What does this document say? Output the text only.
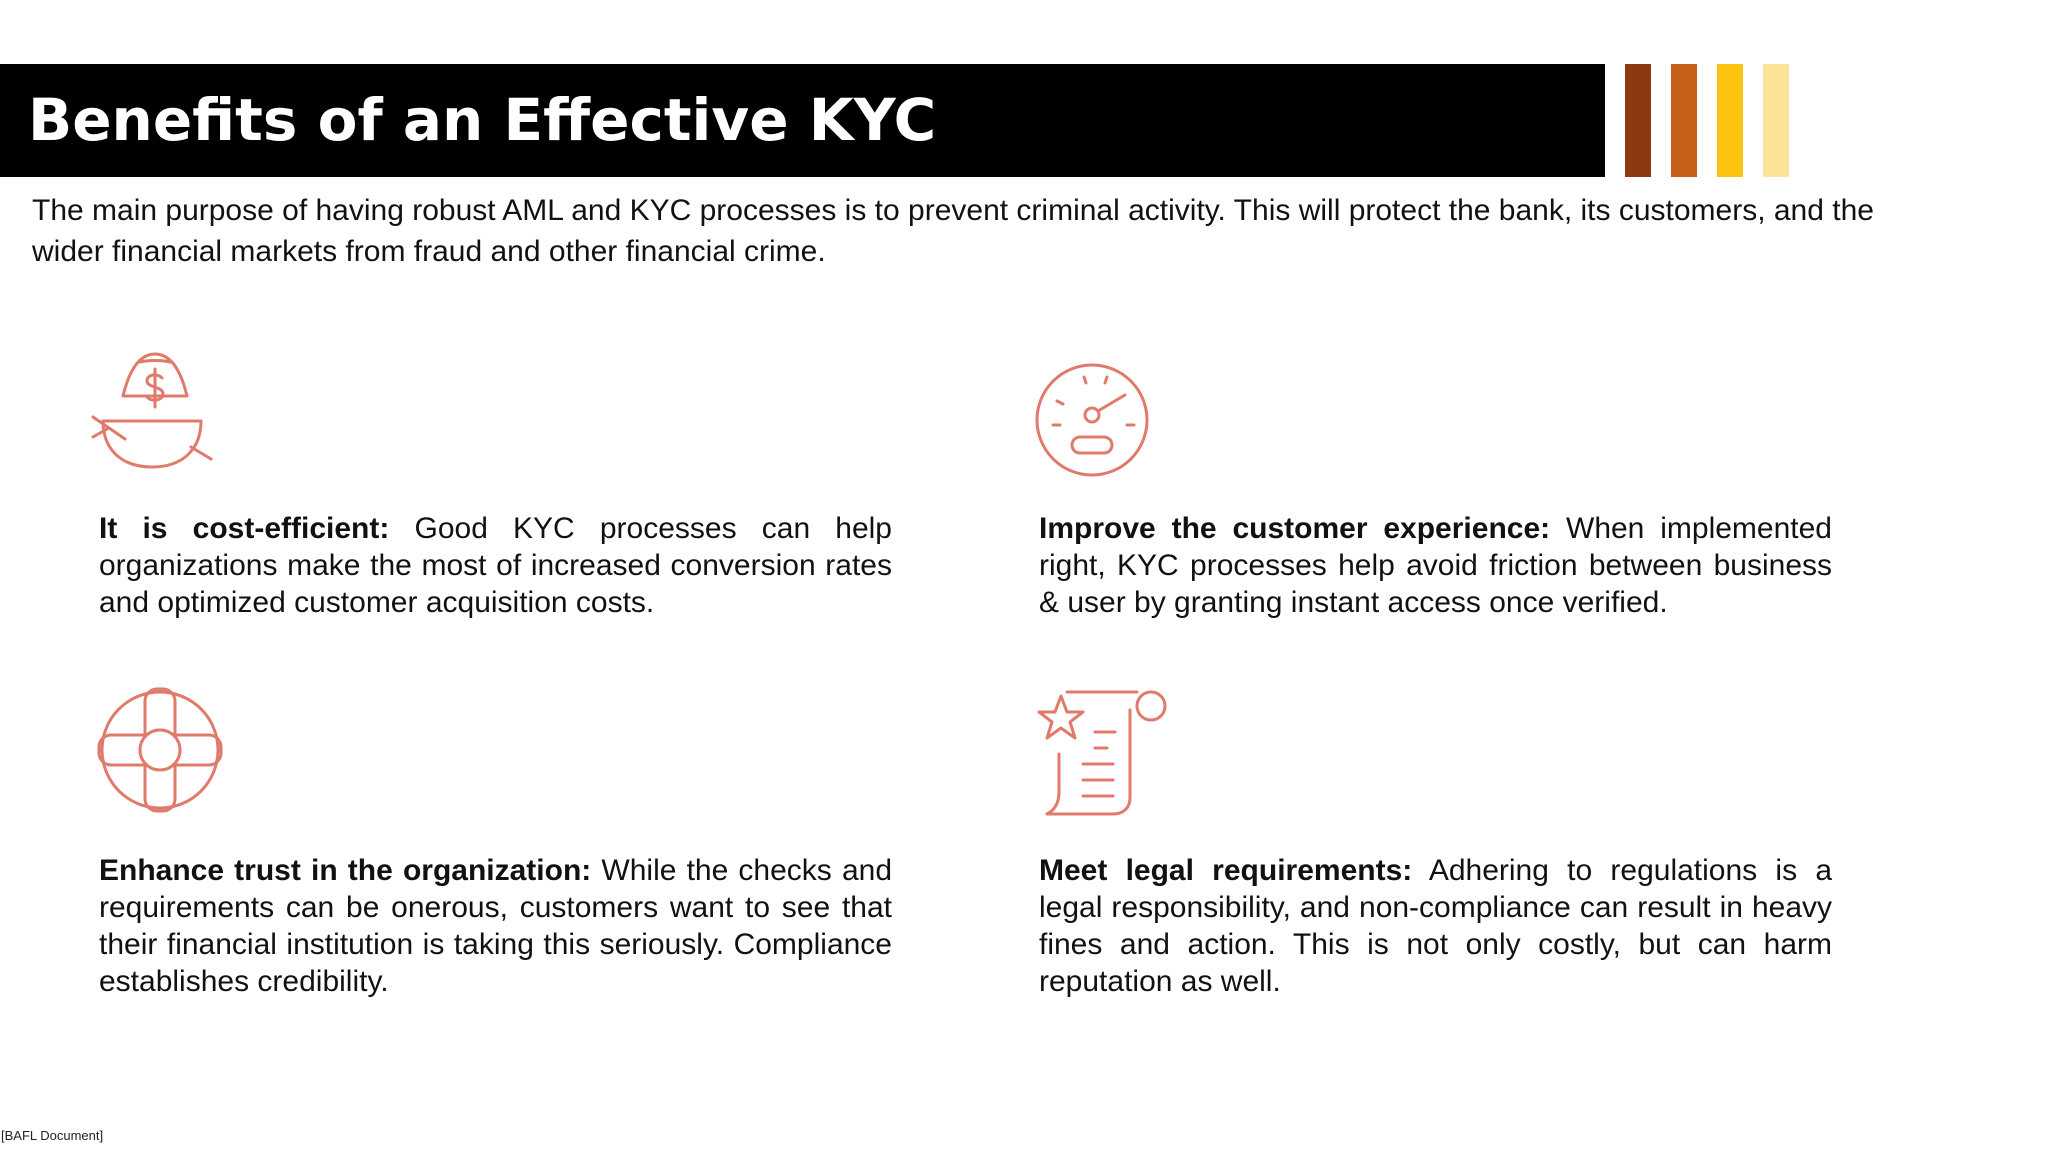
Benefits of an Effective KYC
The main purpose of having robust AML and KYC processes is to prevent criminal activity. This will protect the bank, its customers, and the wider financial markets from fraud and other financial crime.
It is cost-efficient: Good KYC processes can help organizations make the most of increased conversion rates and optimized customer acquisition costs.
Improve the customer experience: When implemented right, KYC processes help avoid friction between business & user by granting instant access once verified.
Enhance trust in the organization: While the checks and requirements can be onerous, customers want to see that their financial institution is taking this seriously. Compliance establishes credibility.
Meet legal requirements: Adhering to regulations is a legal responsibility, and non-compliance can result in heavy fines and action. This is not only costly, but can harm reputation as well.
[BAFL Document]
